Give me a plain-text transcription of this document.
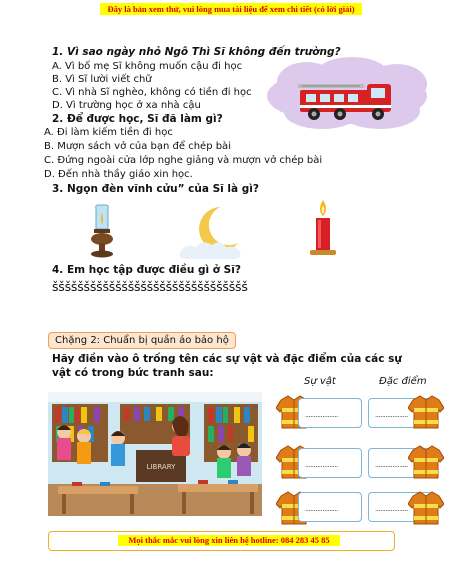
Đây là bản xem thử, vui lòng mua tài liệu để xem chi tiết (có lời giải)
1. Vì sao ngày nhỏ Ngô Thì Sĩ không đến trường?
A. Vì bố mẹ Sĩ không muốn cậu đi học
B. Vì Sĩ lười viết chữ
C. Vì nhà Sĩ nghèo, không có tiền đi học
D. Vì trường học ở xa nhà cậu
2. Để được học, Sĩ đã làm gì?
A. Đi làm kiếm tiền đi học
B. Mượn sách vở của bạn để chép bài
C. Đứng ngoài cửa lớp nghe giảng và mượn vở chép bài
D. Đến nhà thầy giáo xin học.
3. Ngọn đèn vĩnh cửu” của Sĩ là gì?
4. Em học tập được điều gì ở Sĩ?
ššššššššššššššššššššššššššššššš
Chặng 2: Chuẩn bị quần áo bảo hộ
Hãy điền vào ô trống tên các sự vật và đặc điểm của các sự
vật có trong bức tranh sau:
Sự vật	Đặc điểm
LIBRARY
...................
...................
...................
...................
...................
...................
Mọi thắc mắc vui lòng xin liên hệ hotline: 084 283 45 85
